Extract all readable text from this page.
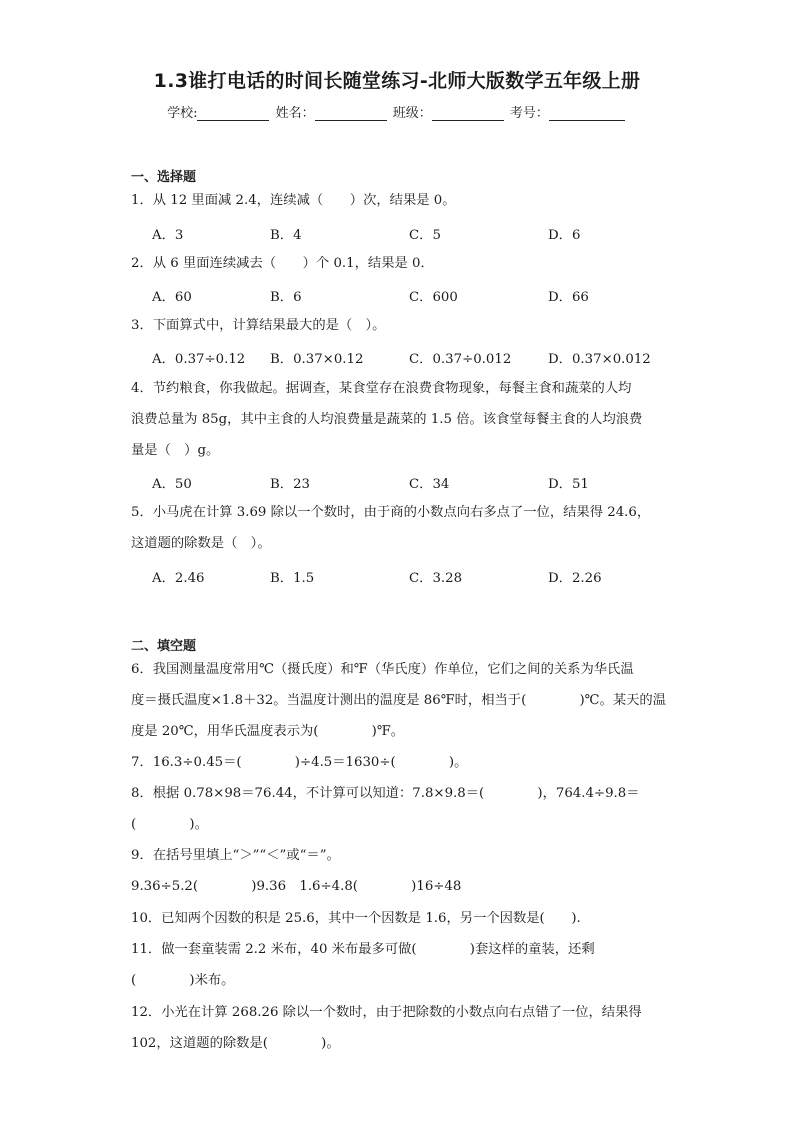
1.3谁打电话的时间长随堂练习-北师大版数学五年级上册
学校:	姓名：	班级：	考号：
一、选择题
1．从 12 里面减 2.4，连续减（　　）次，结果是 0。
A．3	B．4	C．5	D．6
2．从 6 里面连续减去（　　）个 0.1，结果是 0．
A．60	B．6	C．600	D．66
3．下面算式中，计算结果最大的是（　）。
A．0.37÷0.12 B．0.37×0.12	C．0.37÷0.012	D．0.37×0.012
4．节约粮食，你我做起。据调查，某食堂存在浪费食物现象，每餐主食和蔬菜的人均
浪费总量为 85g，其中主食的人均浪费量是蔬菜的 1.5 倍。该食堂每餐主食的人均浪费
量是（　）g。
A．50	B．23	C．34	D．51
5．小马虎在计算 3.69 除以一个数时，由于商的小数点向右多点了一位，结果得 24.6，
这道题的除数是（　）。
A．2.46	B．1.5	C．3.28	D．2.26
二、填空题
6．我国测量温度常用℃（摄氏度）和℉（华氏度）作单位，它们之间的关系为华氏温
度＝摄氏温度×1.8＋32。当温度计测出的温度是 86℉时，相当于(　　　　)℃。某天的温
度是 20℃，用华氏温度表示为(　　　　)℉。
7．16.3÷0.45＝(　　　　)÷4.5＝1630÷(　　　　)。
8．根据 0.78×98＝76.44，不计算可以知道：7.8×9.8＝(　　　　)，764.4÷9.8＝
(　　　　)。
9．在括号里填上“＞”“＜”或“＝”。
9.36÷5.2(　　　　)9.36　1.6÷4.8(　　　　)16÷48
10．已知两个因数的积是 25.6，其中一个因数是 1.6，另一个因数是(　　).
11．做一套童装需 2.2 米布，40 米布最多可做(　　　　)套这样的童装，还剩
(　　　　)米布。
12．小光在计算 268.26 除以一个数时，由于把除数的小数点向右点错了一位，结果得
102，这道题的除数是(　　　　)。
